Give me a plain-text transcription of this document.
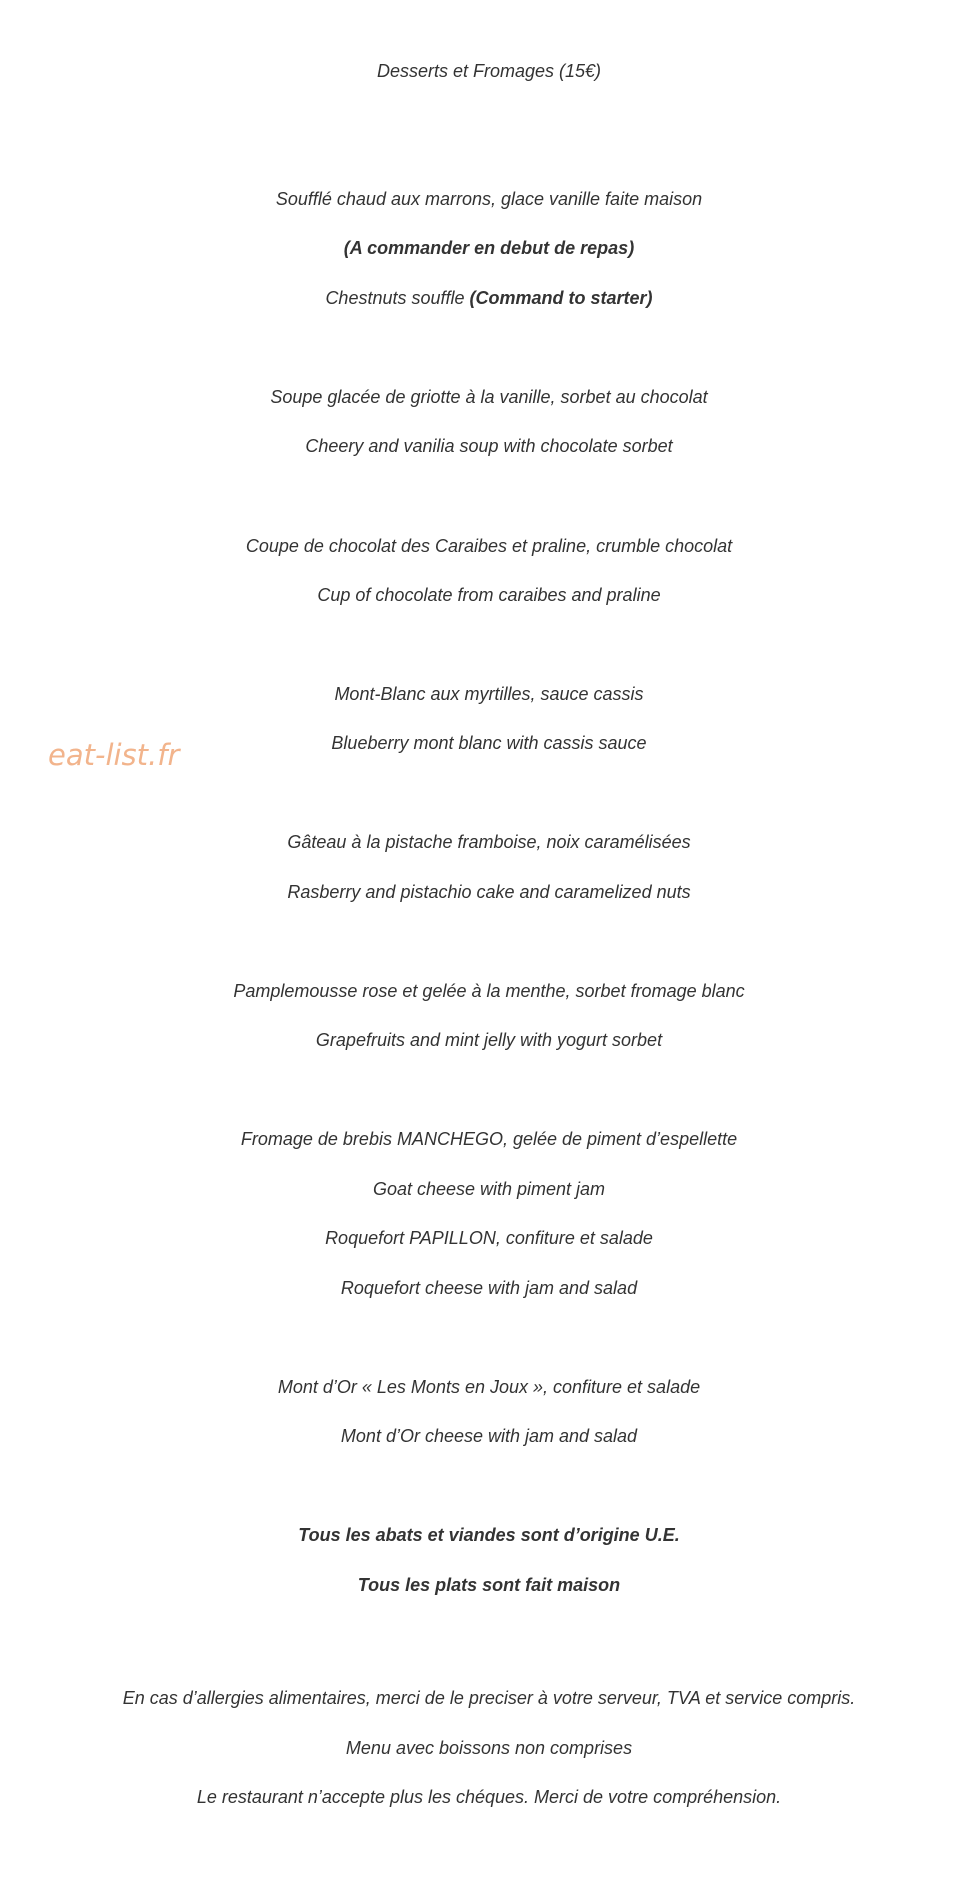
Desserts et Fromages (15€)
Soufflé chaud aux marrons, glace vanille faite maison
(A commander en debut de repas)
Chestnuts souffle (Command to starter)
Soupe glacée de griotte à la vanille, sorbet au chocolat
Cheery and vanilia soup with chocolate sorbet
Coupe de chocolat des Caraibes et praline, crumble chocolat
Cup of chocolate from caraibes and praline
Mont-Blanc aux myrtilles, sauce cassis
Blueberry mont blanc with cassis sauce
Gâteau à la pistache framboise, noix caramélisées
Rasberry and pistachio cake and caramelized nuts
Pamplemousse rose et gelée à la menthe, sorbet fromage blanc
Grapefruits and mint jelly with yogurt sorbet
Fromage de brebis MANCHEGO, gelée de piment d’espellette
Goat cheese with piment jam
Roquefort PAPILLON, confiture et salade
Roquefort cheese with jam and salad
Mont d’Or « Les Monts en Joux », confiture et salade
Mont d’Or cheese with jam and salad
Tous les abats et viandes sont d’origine U.E.
Tous les plats sont fait maison
En cas d’allergies alimentaires, merci de le preciser à votre serveur, TVA et service compris.
Menu avec boissons non comprises
Le restaurant n’accepte plus les chéques. Merci de votre compréhension.
eat-list.fr
